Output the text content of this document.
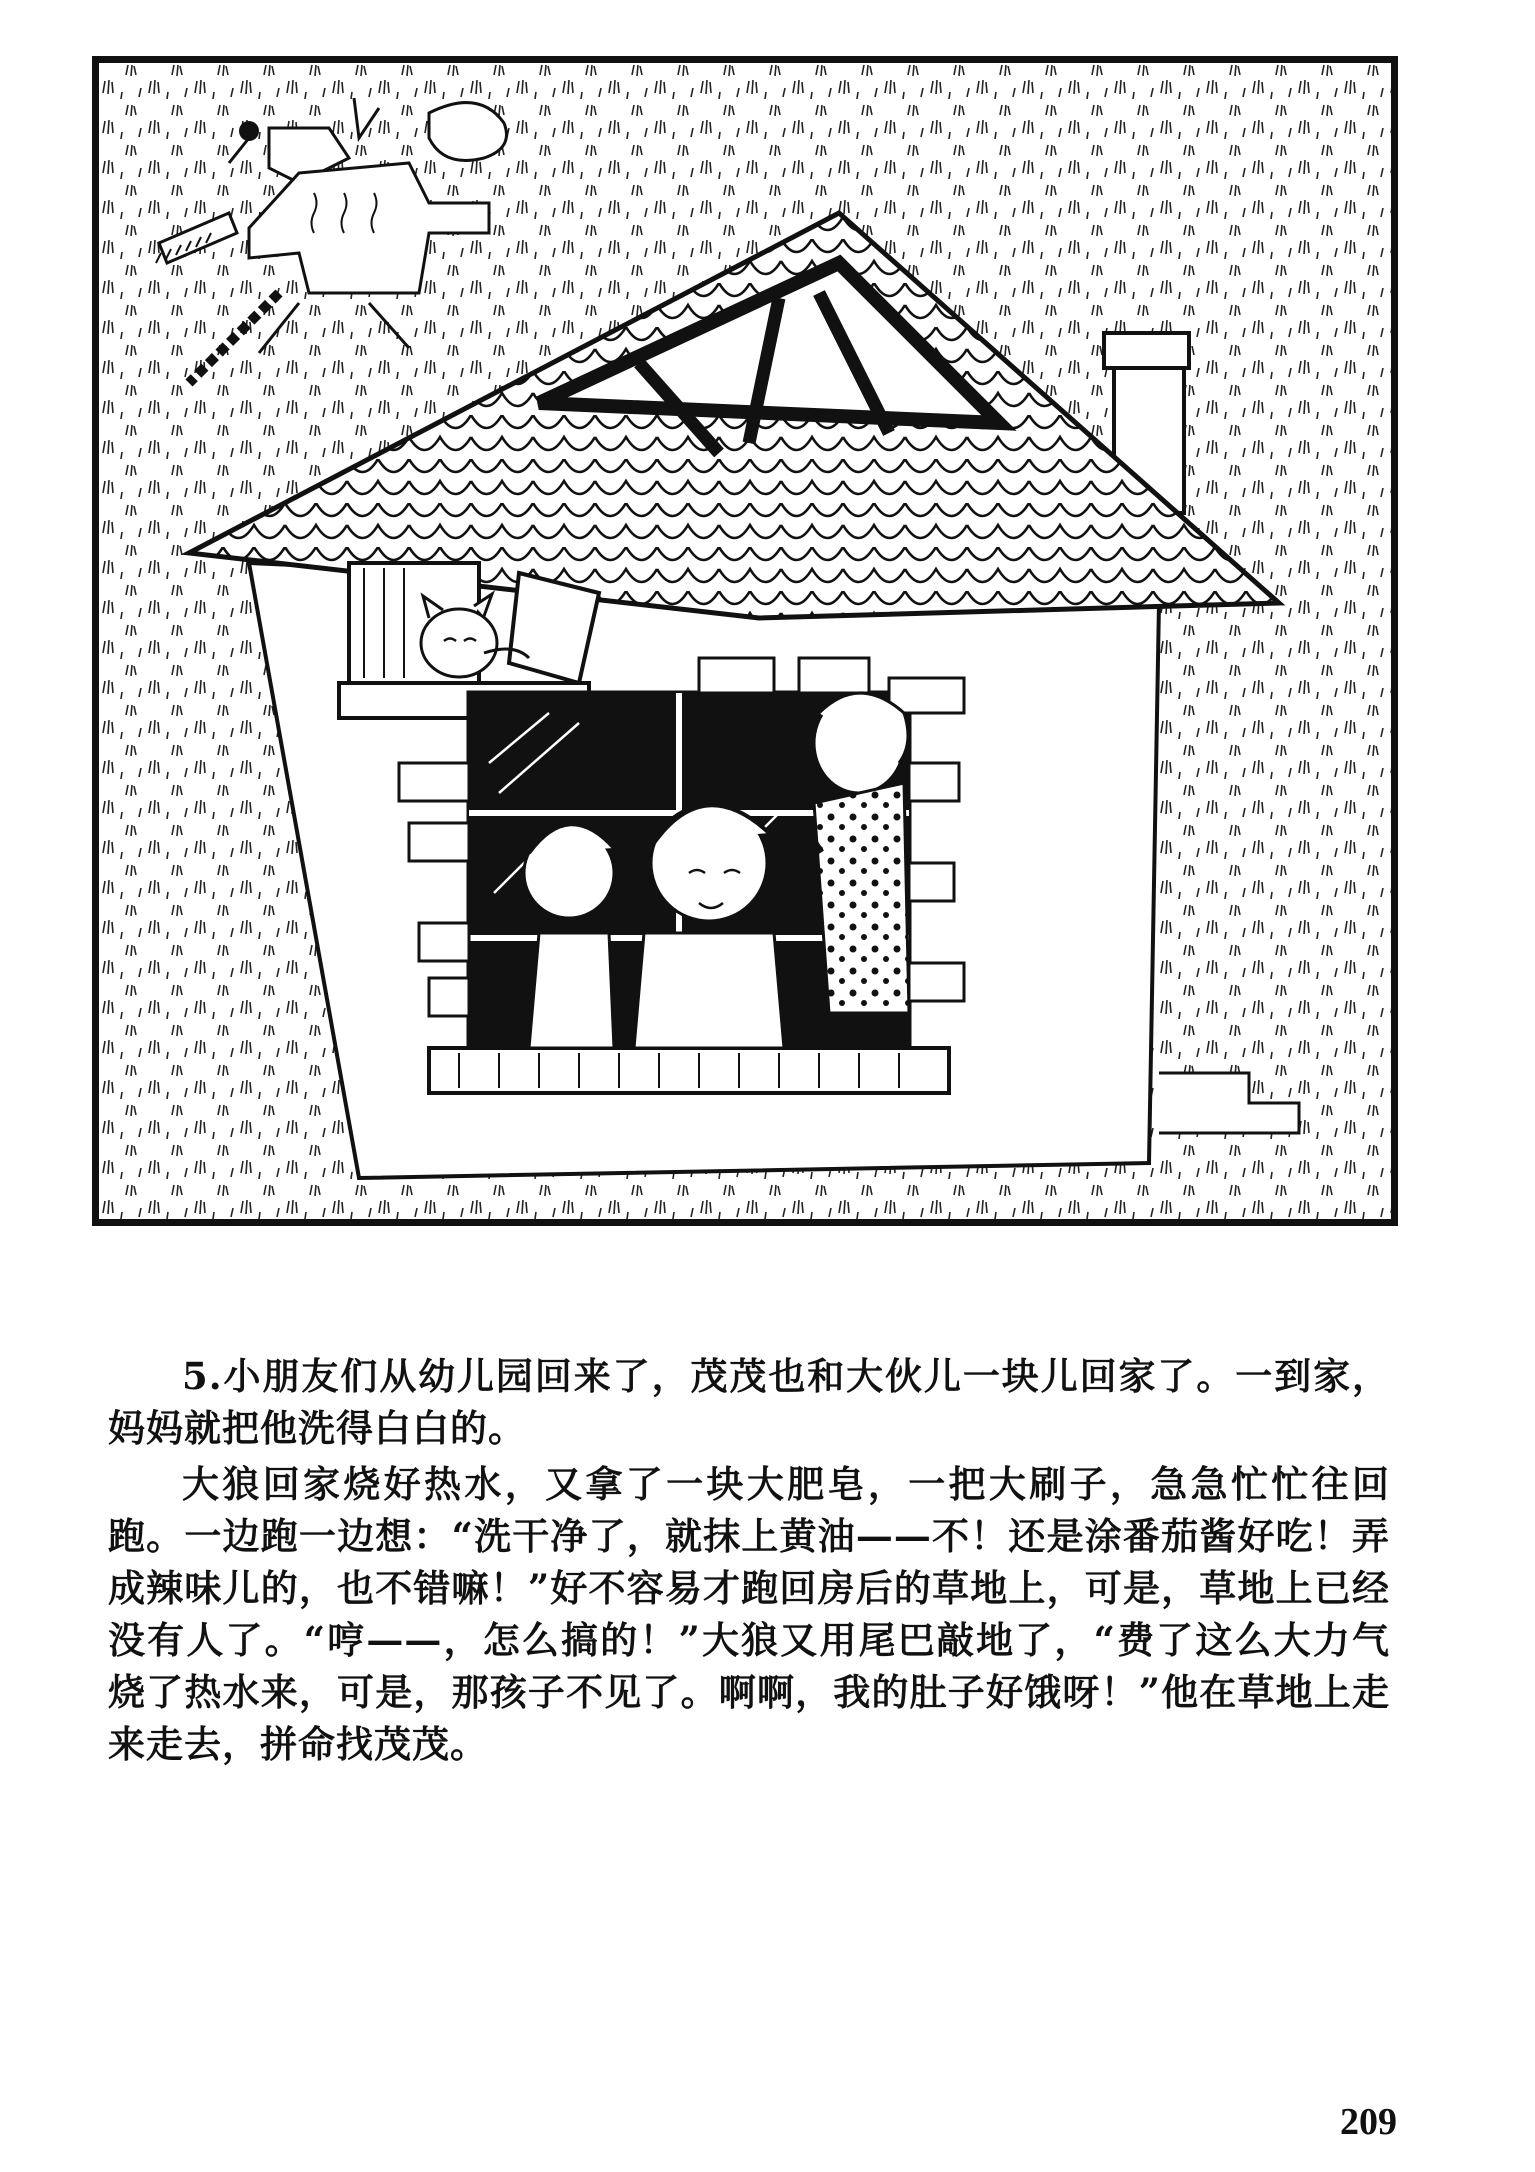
5.小朋友们从幼儿园回来了，茂茂也和大伙儿一块儿回家了。一到家，妈妈就把他洗得白白的。

大狼回家烧好热水，又拿了一块大肥皂，一把大刷子，急急忙忙往回跑。一边跑一边想：“洗干净了，就抹上黄油——不！还是涂番茄酱好吃！弄成辣味儿的，也不错嘛！”好不容易才跑回房后的草地上，可是，草地上已经没有人了。“哼——，怎么搞的！”大狼又用尾巴敲地了，“费了这么大力气烧了热水来，可是，那孩子不见了。啊啊，我的肚子好饿呀！”他在草地上走来走去，拼命找茂茂。

209
